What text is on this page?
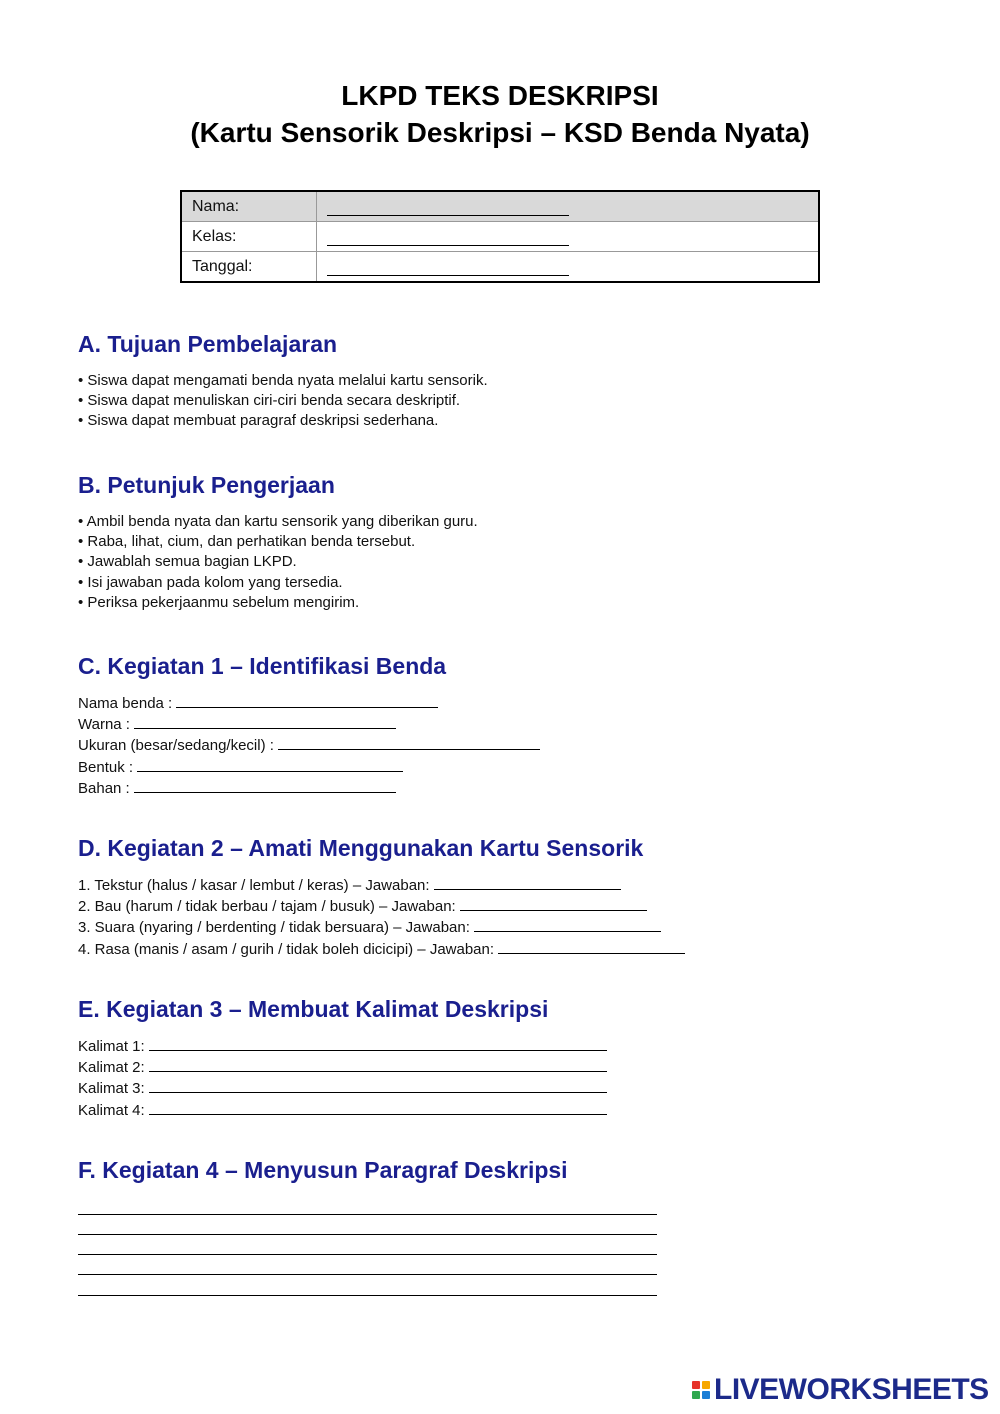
LKPD TEKS DESKRIPSI
(Kartu Sensorik Deskripsi – KSD Benda Nyata)
Nama:	
Kelas:	
Tanggal:	
A. Tujuan Pembelajaran
• Siswa dapat mengamati benda nyata melalui kartu sensorik.
• Siswa dapat menuliskan ciri-ciri benda secara deskriptif.
• Siswa dapat membuat paragraf deskripsi sederhana.
B. Petunjuk Pengerjaan
• Ambil benda nyata dan kartu sensorik yang diberikan guru.
• Raba, lihat, cium, dan perhatikan benda tersebut.
• Jawablah semua bagian LKPD.
• Isi jawaban pada kolom yang tersedia.
• Periksa pekerjaanmu sebelum mengirim.
C. Kegiatan 1 – Identifikasi Benda
Nama benda :
Warna :
Ukuran (besar/sedang/kecil) :
Bentuk :
Bahan :
D. Kegiatan 2 – Amati Menggunakan Kartu Sensorik
1. Tekstur (halus / kasar / lembut / keras) – Jawaban:
2. Bau (harum / tidak berbau / tajam / busuk) – Jawaban:
3. Suara (nyaring / berdenting / tidak bersuara) – Jawaban:
4. Rasa (manis / asam / gurih / tidak boleh dicicipi) – Jawaban:
E. Kegiatan 3 – Membuat Kalimat Deskripsi
Kalimat 1:
Kalimat 2:
Kalimat 3:
Kalimat 4:
F. Kegiatan 4 – Menyusun Paragraf Deskripsi
LIVEWORKSHEETS
